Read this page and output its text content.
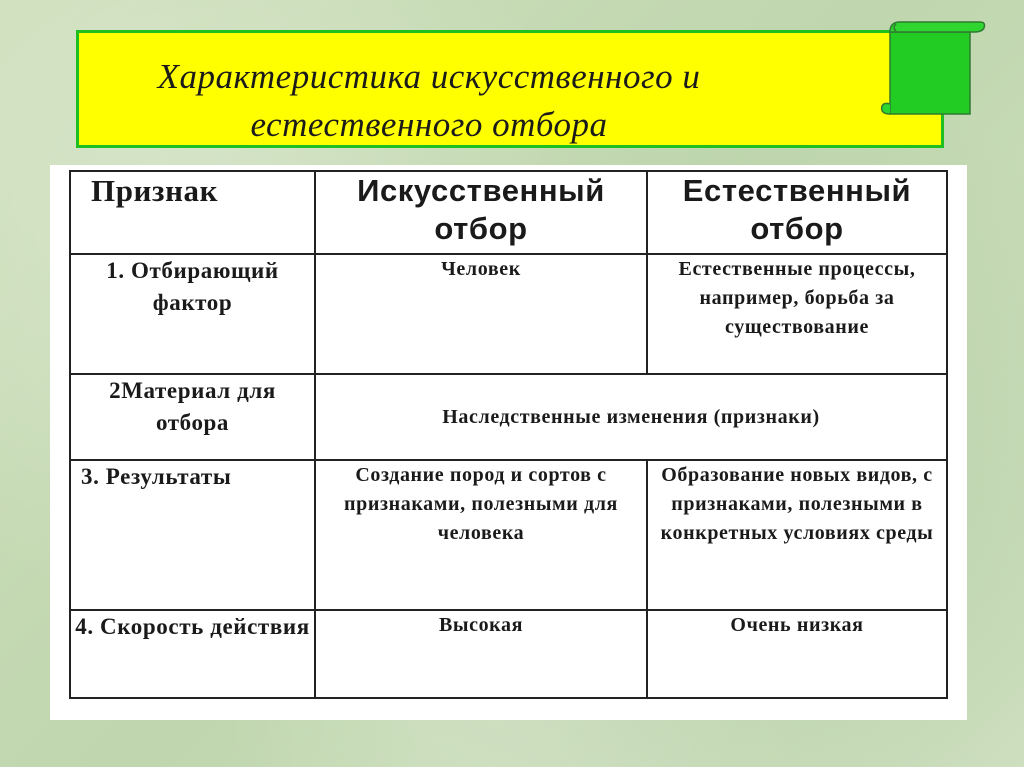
Характеристика искусственного и
естественного отбора
Признак	Искусственный отбор	Естественный отбор
1. Отбирающий фактор	Человек	Естественные процессы, например, борьба за существование
2Материал для отбора	Наследственные изменения (признаки)	
3. Результаты	Создание пород и сортов с признаками, полезными для человека	Образование новых видов, с признаками, полезными в конкретных условиях среды
4. Скорость действия	Высокая	Очень низкая
